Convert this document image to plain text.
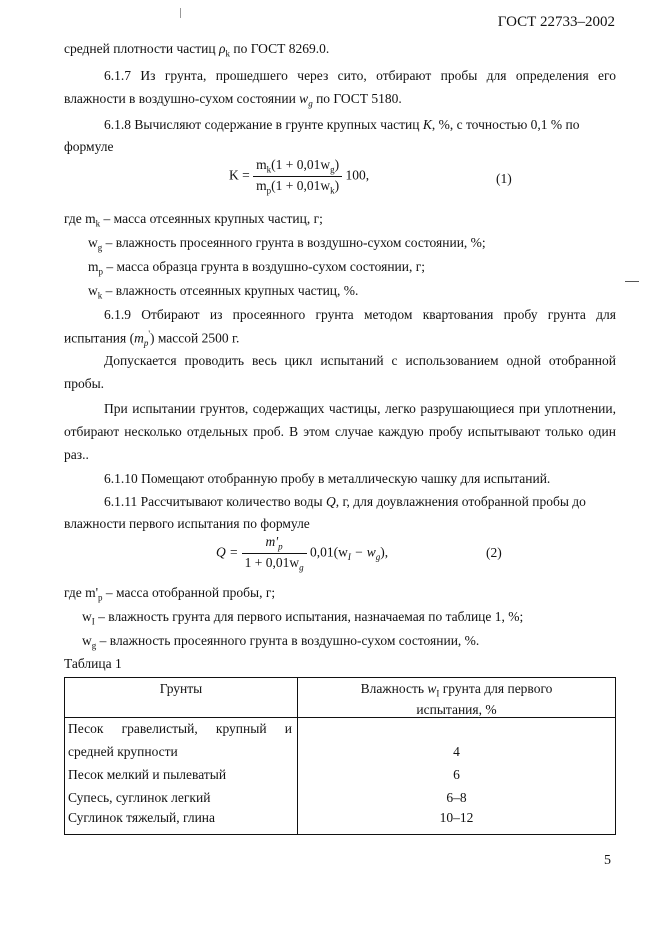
ГОСТ 22733–2002
средней плотности частиц $\rho_k$ по ГОСТ 8269.0.
6.1.7 Из грунта, прошедшего через сито, отбирают пробы для определения его
влажности в воздушно-сухом состоянии $w_g$ по ГОСТ 5180.
6.1.8 Вычисляют содержание в грунте крупных частиц K, %, с точностью 0,1 % по
формуле
$K = \frac{m_k(1 + 0,01w_g)}{m_p(1 + 0,01w_k)} 100$,	(1)
где $m_k$ – масса отсеянных крупных частиц, г;
$w_g$ – влажность просеянного грунта в воздушно-сухом состоянии, %;
$m_p$ – масса образца грунта в воздушно-сухом состоянии, г;
$w_k$ – влажность отсеянных крупных частиц, %.
6.1.9 Отбирают из просеянного грунта методом квартования пробу грунта для
испытания $(m_p')$ массой 2500 г.
Допускается проводить весь цикл испытаний с использованием одной отобранной
пробы.
При испытании грунтов, содержащих частицы, легко разрушающиеся при уплотнении,
отбирают несколько отдельных проб. В этом случае каждую пробу испытывают только один
раз..
6.1.10 Помещают отобранную пробу в металлическую чашку для испытаний.
6.1.11 Рассчитывают количество воды Q, г, для доувлажнения отобранной пробы до
влажности первого испытания по формуле
$Q = \frac{m'_p}{1 + 0,01w_g} 0,01(w_I - w_g)$,	(2)
где $m'_p$ – масса отобранной пробы, г;
$w_I$ – влажность грунта для первого испытания, назначаемая по таблице 1, %;
$w_g$ – влажность просеянного грунта в воздушно-сухом состоянии, %.
Таблица 1
Грунты	Влажность $w_I$ грунта для первого
испытания, %

Песок гравелистый, крупный и	

средней крупности	4
Песок мелкий и пылеватый	6
Супесь, суглинок легкий	6–8
Суглинок тяжелый, глина	10–12
5
